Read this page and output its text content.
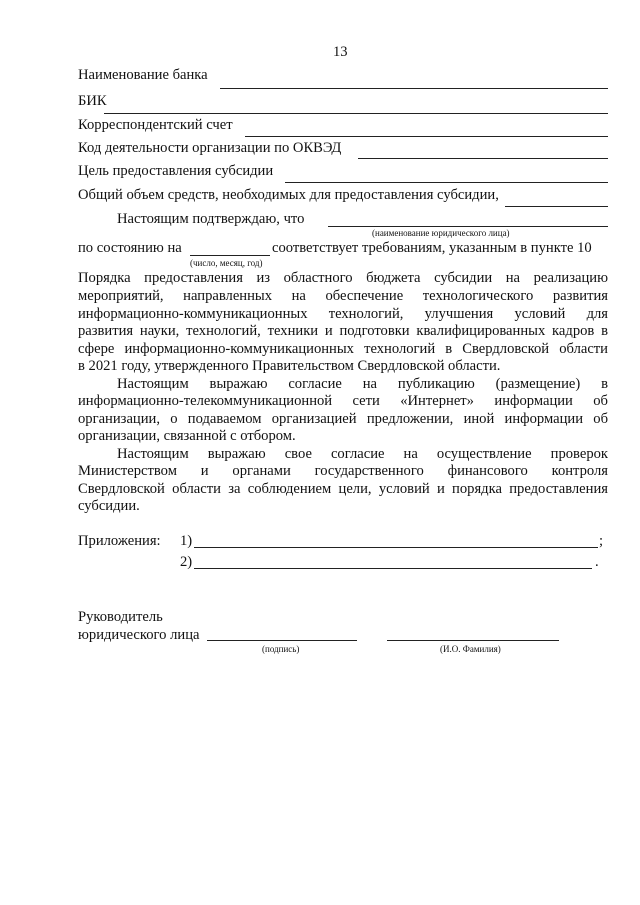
13
Наименование банка
БИК
Корреспондентский счет
Код деятельности организации по ОКВЭД
Цель предоставления субсидии
Общий объем средств, необходимых для предоставления субсидии,
Настоящим подтверждаю, что
(наименование юридического лица)
по состоянию на	соответствует требованиям, указанным в пункте 10
(число, месяц, год)
Порядка предоставления из областного бюджета субсидии на реализацию
мероприятий, направленных на обеспечение технологического развития
информационно-коммуникационных технологий, улучшения условий для
развития науки, технологий, техники и подготовки квалифицированных кадров в
сфере информационно-коммуникационных технологий в Свердловской области
в 2021 году, утвержденного Правительством Свердловской области.
Настоящим выражаю согласие на публикацию (размещение) в
информационно-телекоммуникационной сети «Интернет» информации об
организации, о подаваемом организацией предложении, иной информации об
организации, связанной с отбором.
Настоящим выражаю свое согласие на осуществление проверок
Министерством и органами государственного финансового контроля
Свердловской области за соблюдением цели, условий и порядка предоставления
субсидии.
Приложения: 1)	;
2)	.
Руководитель
юридического лица
(подпись)	(И.О. Фамилия)
